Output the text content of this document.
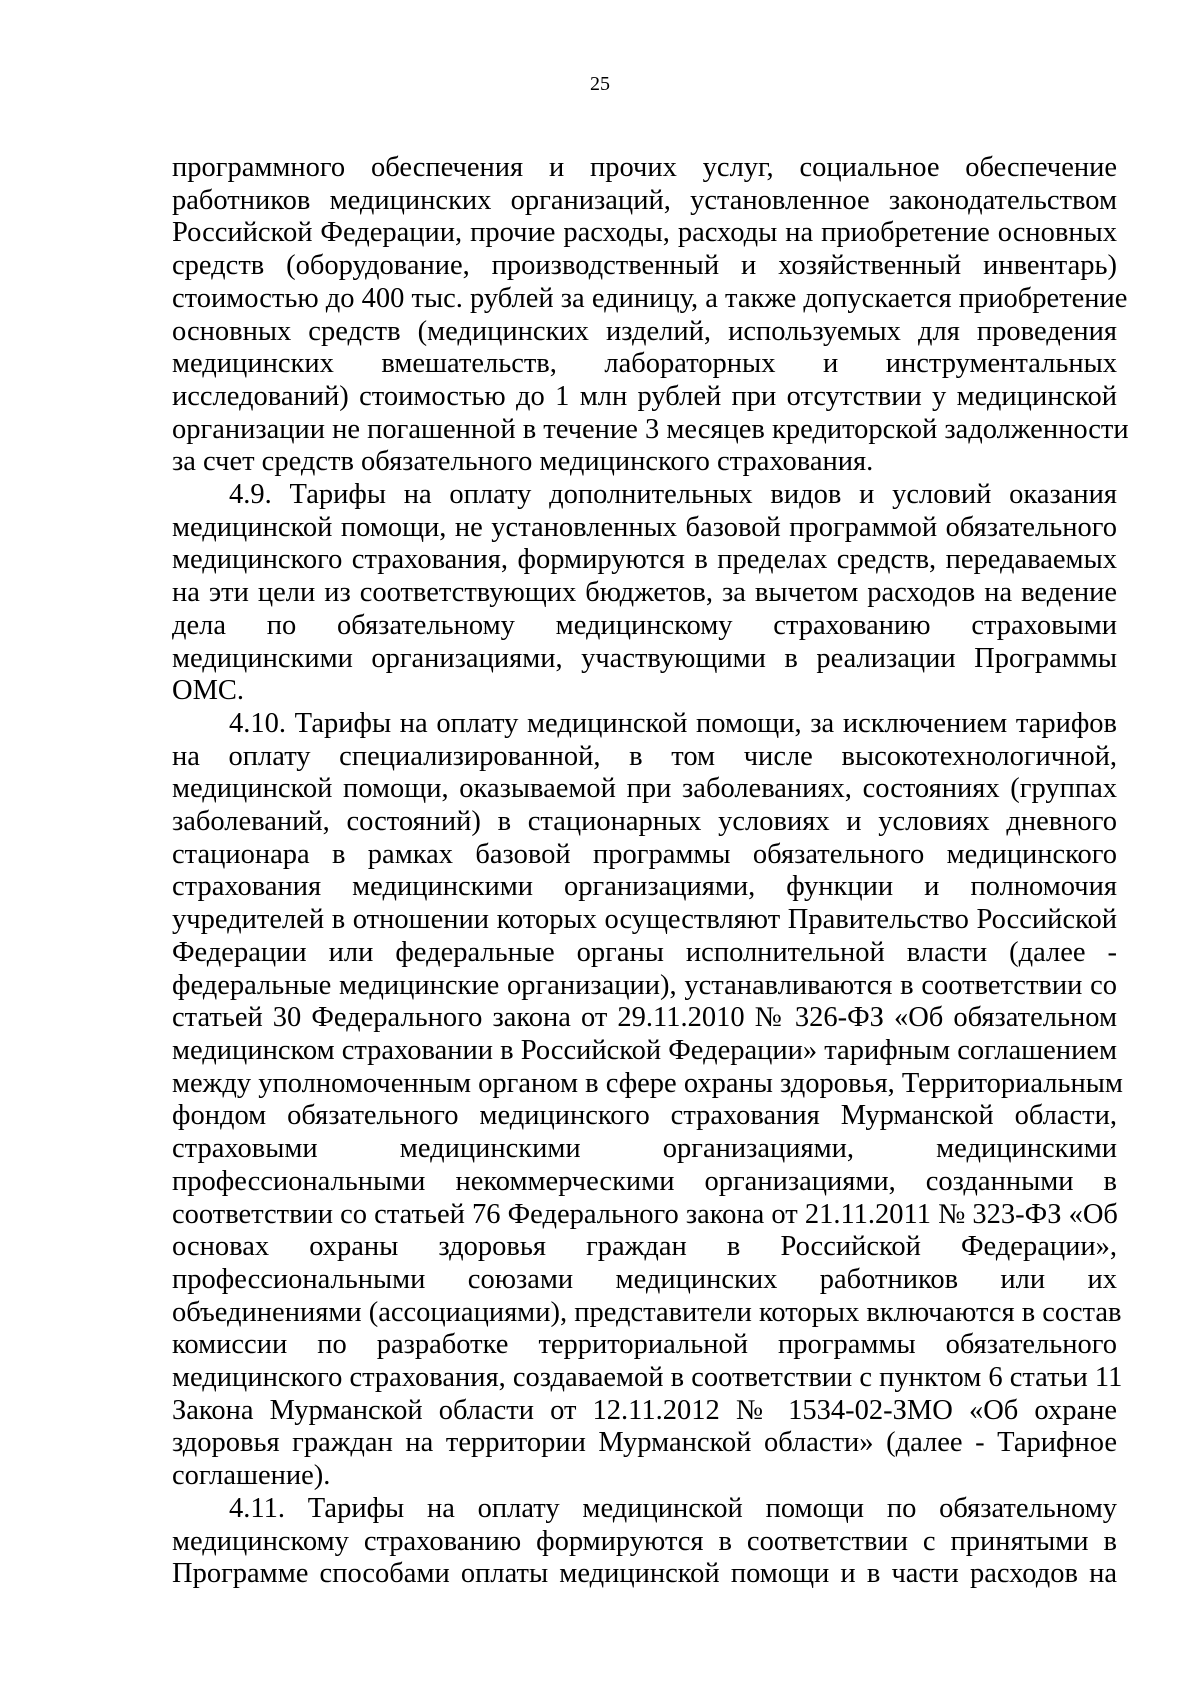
25

программного обеспечения и прочих услуг, социальное обеспечение
работников медицинских организаций, установленное законодательством
Российской Федерации, прочие расходы, расходы на приобретение основных
средств (оборудование, производственный и хозяйственный инвентарь)
стоимостью до 400 тыс. рублей за единицу, а также допускается приобретение
основных средств (медицинских изделий, используемых для проведения
медицинских вмешательств, лабораторных и инструментальных
исследований) стоимостью до 1 млн рублей при отсутствии у медицинской
организации не погашенной в течение 3 месяцев кредиторской задолженности
за счет средств обязательного медицинского страхования.

4.9. Тарифы на оплату дополнительных видов и условий оказания
медицинской помощи, не установленных базовой программой обязательного
медицинского страхования, формируются в пределах средств, передаваемых
на эти цели из соответствующих бюджетов, за вычетом расходов на ведение
дела по обязательному медицинскому страхованию страховыми
медицинскими организациями, участвующими в реализации Программы
ОМС.

4.10. Тарифы на оплату медицинской помощи, за исключением тарифов
на оплату специализированной, в том числе высокотехнологичной,
медицинской помощи, оказываемой при заболеваниях, состояниях (группах
заболеваний, состояний) в стационарных условиях и условиях дневного
стационара в рамках базовой программы обязательного медицинского
страхования медицинскими организациями, функции и полномочия
учредителей в отношении которых осуществляют Правительство Российской
Федерации или федеральные органы исполнительной власти (далее -
федеральные медицинские организации), устанавливаются в соответствии со
статьей 30 Федерального закона от 29.11.2010 № 326-ФЗ «Об обязательном
медицинском страховании в Российской Федерации» тарифным соглашением
между уполномоченным органом в сфере охраны здоровья, Территориальным
фондом обязательного медицинского страхования Мурманской области,
страховыми медицинскими организациями, медицинскими
профессиональными некоммерческими организациями, созданными в
соответствии со статьей 76 Федерального закона от 21.11.2011 № 323-ФЗ «Об
основах охраны здоровья граждан в Российской Федерации»,
профессиональными союзами медицинских работников или их
объединениями (ассоциациями), представители которых включаются в состав
комиссии по разработке территориальной программы обязательного
медицинского страхования, создаваемой в соответствии с пунктом 6 статьи 11
Закона Мурманской области от 12.11.2012 № 1534-02-ЗМО «Об охране
здоровья граждан на территории Мурманской области» (далее - Тарифное
соглашение).

4.11. Тарифы на оплату медицинской помощи по обязательному
медицинскому страхованию формируются в соответствии с принятыми в
Программе способами оплаты медицинской помощи и в части расходов на
